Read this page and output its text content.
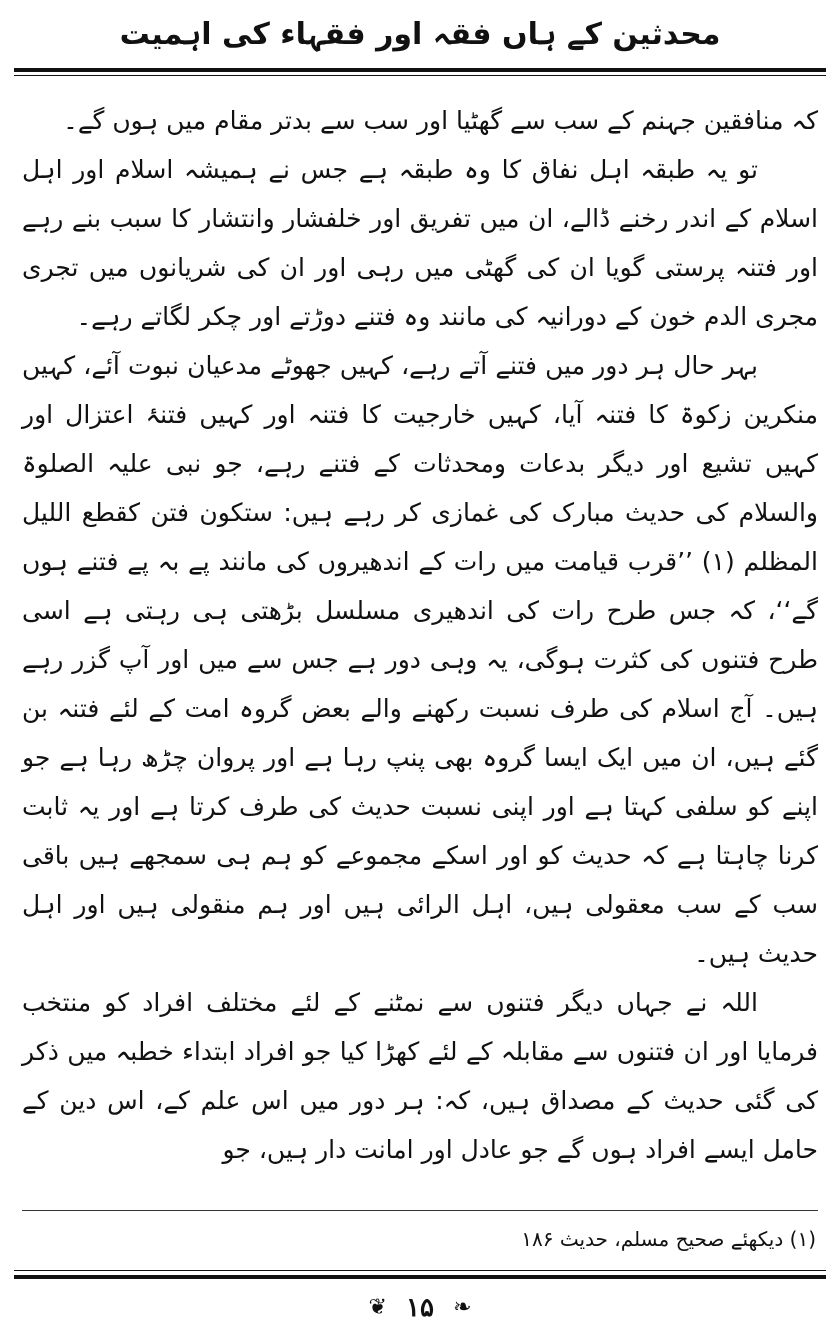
محدثین کے ہاں فقہ اور فقہاء کی اہمیت

کہ منافقین جہنم کے سب سے گھٹیا اور سب سے بدتر مقام میں ہوں گے۔

تو یہ طبقہ اہل نفاق کا وہ طبقہ ہے جس نے ہمیشہ اسلام اور اہل اسلام کے اندر رخنے ڈالے، ان میں تفریق اور خلفشار وانتشار کا سبب بنے رہے اور فتنہ پرستی گویا ان کی گھٹی میں رہی اور ان کی شریانوں میں تجری مجری الدم خون کے دورانیہ کی مانند وہ فتنے دوڑتے اور چکر لگاتے رہے۔

بہر حال ہر دور میں فتنے آتے رہے، کہیں جھوٹے مدعیان نبوت آئے، کہیں منکرین زکوۃ کا فتنہ آیا، کہیں خارجیت کا فتنہ اور کہیں فتنۂ اعتزال اور کہیں تشیع اور دیگر بدعات ومحدثات کے فتنے رہے، جو نبی علیہ الصلوۃ والسلام کی حدیث مبارک کی غمازی کر رہے ہیں: ستکون فتن کقطع اللیل المظلم (۱) ’’قرب قیامت میں رات کے اندھیروں کی مانند پے بہ پے فتنے ہوں گے‘‘، کہ جس طرح رات کی اندھیری مسلسل بڑھتی ہی رہتی ہے اسی طرح فتنوں کی کثرت ہوگی، یہ وہی دور ہے جس سے میں اور آپ گزر رہے ہیں۔ آج اسلام کی طرف نسبت رکھنے والے بعض گروہ امت کے لئے فتنہ بن گئے ہیں، ان میں ایک ایسا گروہ بھی پنپ رہا ہے اور پروان چڑھ رہا ہے جو اپنے کو سلفی کہتا ہے اور اپنی نسبت حدیث کی طرف کرتا ہے اور یہ ثابت کرنا چاہتا ہے کہ حدیث کو اور اسکے مجموعے کو ہم ہی سمجھے ہیں باقی سب کے سب معقولی ہیں، اہل الرائی ہیں اور ہم منقولی ہیں اور اہل حدیث ہیں۔

اللہ نے جہاں دیگر فتنوں سے نمٹنے کے لئے مختلف افراد کو منتخب فرمایا اور ان فتنوں سے مقابلہ کے لئے کھڑا کیا جو افراد ابتداء خطبہ میں ذکر کی گئی حدیث کے مصداق ہیں، کہ: ہر دور میں اس علم کے، اس دین کے حامل ایسے افراد ہوں گے جو عادل اور امانت دار ہیں، جو

(۱) دیکھئے صحیح مسلم، حدیث ۱۸۶
❦ ۱۵ ❧
